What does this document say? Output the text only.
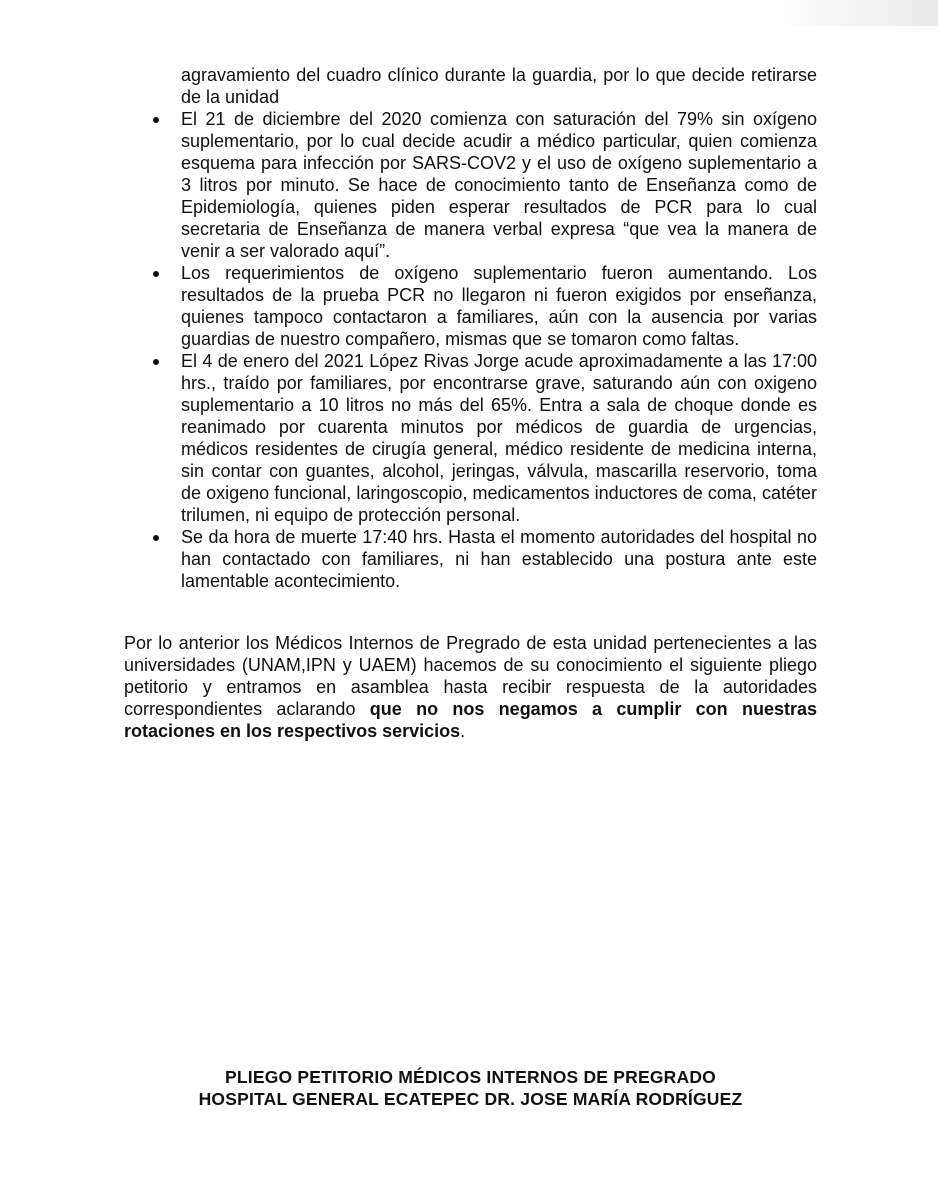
agravamiento del cuadro clínico durante la guardia, por lo que decide retirarse de la unidad

El 21 de diciembre del 2020 comienza con saturación del 79% sin oxígeno suplementario, por lo cual decide acudir a médico particular, quien comienza esquema para infección por SARS-COV2 y el uso de oxígeno suplementario a 3 litros por minuto. Se hace de conocimiento tanto de Enseñanza como de Epidemiología, quienes piden esperar resultados de PCR para lo cual secretaria de Enseñanza de manera verbal expresa “que vea la manera de venir a ser valorado aquí”.
Los requerimientos de oxígeno suplementario fueron aumentando. Los resultados de la prueba PCR no llegaron ni fueron exigidos por enseñanza, quienes tampoco contactaron a familiares, aún con la ausencia por varias guardias de nuestro compañero, mismas que se tomaron como faltas.
El 4 de enero del 2021 López Rivas Jorge acude aproximadamente a las 17:00 hrs., traído por familiares, por encontrarse grave, saturando aún con oxigeno suplementario a 10 litros no más del 65%. Entra a sala de choque donde es reanimado por cuarenta minutos por médicos de guardia de urgencias, médicos residentes de cirugía general, médico residente de medicina interna, sin contar con guantes, alcohol, jeringas, válvula, mascarilla reservorio, toma de oxigeno funcional, laringoscopio, medicamentos inductores de coma, catéter trilumen, ni equipo de protección personal.
Se da hora de muerte 17:40 hrs. Hasta el momento autoridades del hospital no han contactado con familiares, ni han establecido una postura ante este lamentable acontecimiento.

Por lo anterior los Médicos Internos de Pregrado de esta unidad pertenecientes a las universidades (UNAM,IPN y UAEM) hacemos de su conocimiento el siguiente pliego petitorio y entramos en asamblea hasta recibir respuesta de la autoridades correspondientes aclarando que no nos negamos a cumplir con nuestras rotaciones en los respectivos servicios.

PLIEGO PETITORIO MÉDICOS INTERNOS DE PREGRADO
HOSPITAL GENERAL ECATEPEC DR. JOSE MARÍA RODRÍGUEZ
